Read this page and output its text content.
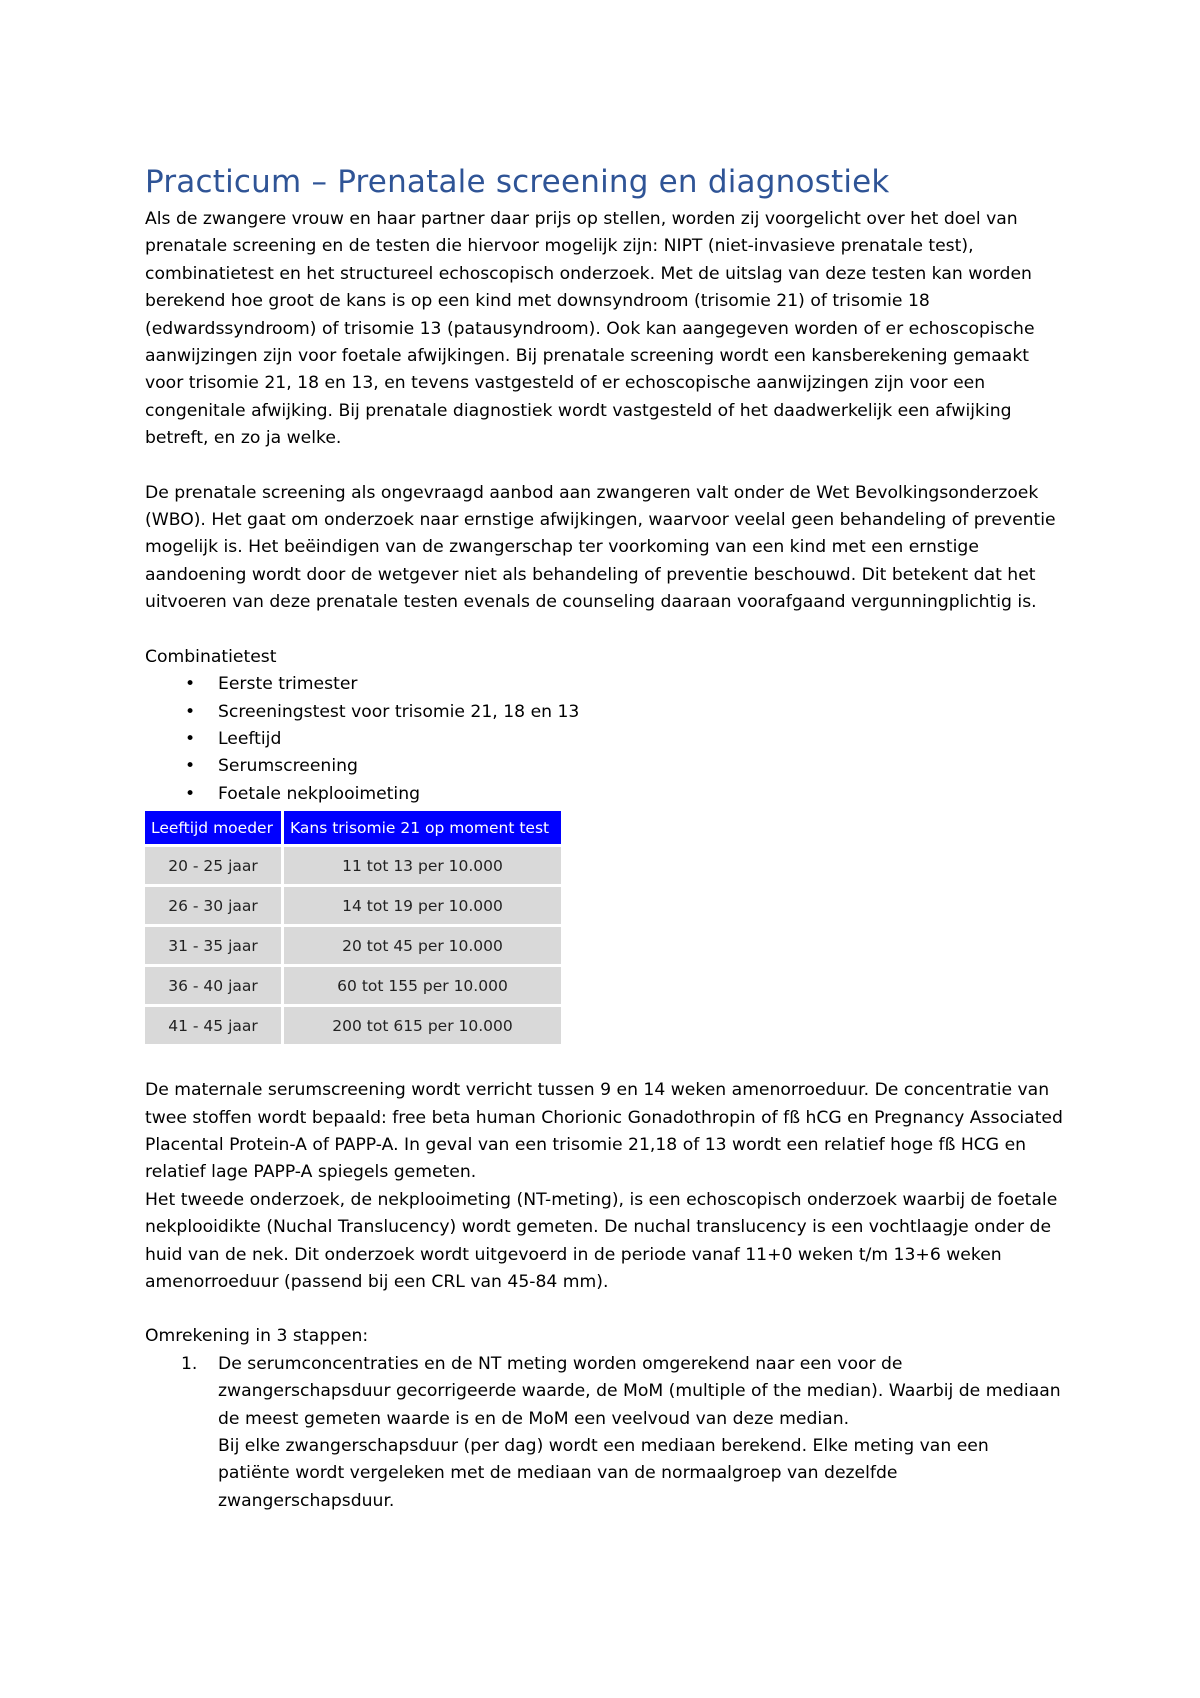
Practicum – Prenatale screening en diagnostiek

Als de zwangere vrouw en haar partner daar prijs op stellen, worden zij voorgelicht over het doel van prenatale screening en de testen die hiervoor mogelijk zijn: NIPT (niet-invasieve prenatale test), combinatietest en het structureel echoscopisch onderzoek. Met de uitslag van deze testen kan worden berekend hoe groot de kans is op een kind met downsyndroom (trisomie 21) of trisomie 18 (edwardssyndroom) of trisomie 13 (patausyndroom). Ook kan aangegeven worden of er echoscopische aanwijzingen zijn voor foetale afwijkingen. Bij prenatale screening wordt een kansberekening gemaakt voor trisomie 21, 18 en 13, en tevens vastgesteld of er echoscopische aanwijzingen zijn voor een congenitale afwijking. Bij prenatale diagnostiek wordt vastgesteld of het daadwerkelijk een afwijking betreft, en zo ja welke.

De prenatale screening als ongevraagd aanbod aan zwangeren valt onder de Wet Bevolkingsonderzoek (WBO). Het gaat om onderzoek naar ernstige afwijkingen, waarvoor veelal geen behandeling of preventie mogelijk is. Het beëindigen van de zwangerschap ter voorkoming van een kind met een ernstige aandoening wordt door de wetgever niet als behandeling of preventie beschouwd. Dit betekent dat het uitvoeren van deze prenatale testen evenals de counseling daaraan voorafgaand vergunningplichtig is.

Combinatietest

• Eerste trimester
• Screeningstest voor trisomie 21, 18 en 13
• Leeftijd
• Serumscreening
• Foetale nekplooimeting
Leeftijd moeder	Kans trisomie 21 op moment test
20 - 25 jaar	11 tot 13 per 10.000
26 - 30 jaar	14 tot 19 per 10.000
31 - 35 jaar	20 tot 45 per 10.000
36 - 40 jaar	60 tot 155 per 10.000
41 - 45 jaar	200 tot 615 per 10.000

De maternale serumscreening wordt verricht tussen 9 en 14 weken amenorroeduur. De concentratie van twee stoffen wordt bepaald: free beta human Chorionic Gonadothropin of fß hCG en Pregnancy Associated Placental Protein-A of PAPP-A. In geval van een trisomie 21,18 of 13 wordt een relatief hoge fß HCG en relatief lage PAPP-A spiegels gemeten.

Het tweede onderzoek, de nekplooimeting (NT-meting), is een echoscopisch onderzoek waarbij de foetale nekplooidikte (Nuchal Translucency) wordt gemeten. De nuchal translucency is een vochtlaagje onder de huid van de nek. Dit onderzoek wordt uitgevoerd in de periode vanaf 11+0 weken t/m 13+6 weken amenorroeduur (passend bij een CRL van 45-84 mm).

Omrekening in 3 stappen:

1. De serumconcentraties en de NT meting worden omgerekend naar een voor de zwangerschapsduur gecorrigeerde waarde, de MoM (multiple of the median). Waarbij de mediaan de meest gemeten waarde is en de MoM een veelvoud van deze median.
Bij elke zwangerschapsduur (per dag) wordt een mediaan berekend. Elke meting van een patiënte wordt vergeleken met de mediaan van de normaalgroep van dezelfde zwangerschapsduur.
